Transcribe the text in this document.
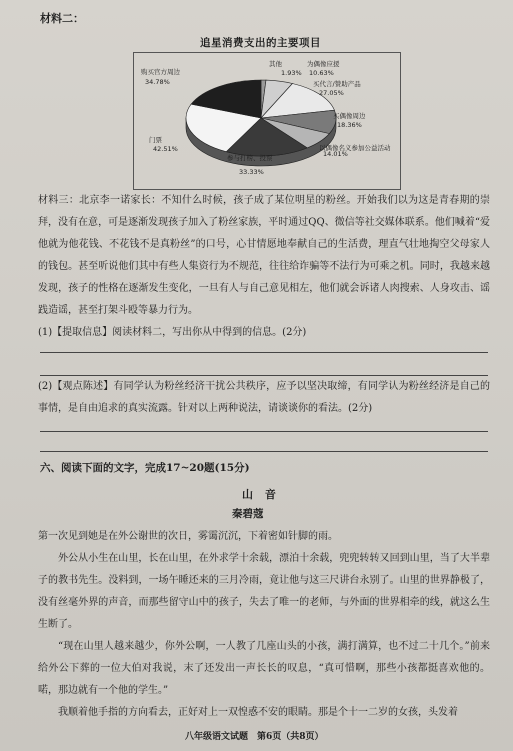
材料二：
追星消费支出的主要项目
其他
1.93%
为偶像应援
10.63%
买代言/赞助产品
27.05%
买偶像周边
18.36%
以偶像名义参加公益活动
14.01%
参与打榜、投票
33.33%
门票
42.51%
购买官方周边
34.78%
材料三：北京李一诺家长：不知什么时候，孩子成了某位明星的粉丝。开始我们以为这是青春期的崇拜，没有在意，可是逐渐发现孩子加入了粉丝家族，平时通过QQ、微信等社交媒体联系。他们喊着“爱他就为他花钱、不花钱不是真粉丝”的口号，心甘情愿地奉献自己的生活费，理直气壮地掏空父母家人的钱包。甚至听说他们其中有些人集资行为不规范，往往给诈骗等不法行为可乘之机。同时，我越来越发现，孩子的性格在逐渐发生变化，一旦有人与自己意见相左，他们就会诉诸人肉搜索、人身攻击、谣践造谣，甚至打架斗殴等暴力行为。
(1)【提取信息】阅读材料二，写出你从中得到的信息。(2分)
(2)【观点陈述】有同学认为粉丝经济干扰公共秩序，应予以坚决取缔，有同学认为粉丝经济是自己的事情，是自由追求的真实流露。针对以上两种说法，请谈谈你的看法。(2分)
六、阅读下面的文字，完成17~20题(15分)
山 音
秦碧蔻
第一次见到她是在外公谢世的次日，雾霭沉沉，下着密如针脚的雨。
外公从小生在山里，长在山里，在外求学十余载，漂泊十余载，兜兜转转又回到山里，当了大半辈子的教书先生。没料到，一场午睡还来的三月冷雨，竟让他与这三尺讲台永别了。山里的世界静极了，没有丝毫外界的声音，而那些留守山中的孩子，失去了唯一的老师，与外面的世界相牵的线，就这么生生断了。
“现在山里人越来越少，你外公啊，一人教了几座山头的小孩，满打满算，也不过二十几个。”前来给外公下葬的一位大伯对我说，末了还发出一声长长的叹息，“真可惜啊，那些小孩都挺喜欢他的。喏，那边就有一个他的学生。”
我顺着他手指的方向看去，正好对上一双惶惑不安的眼睛。那是个十一二岁的女孩，头发着
八年级语文试题　第6页（共8页）
